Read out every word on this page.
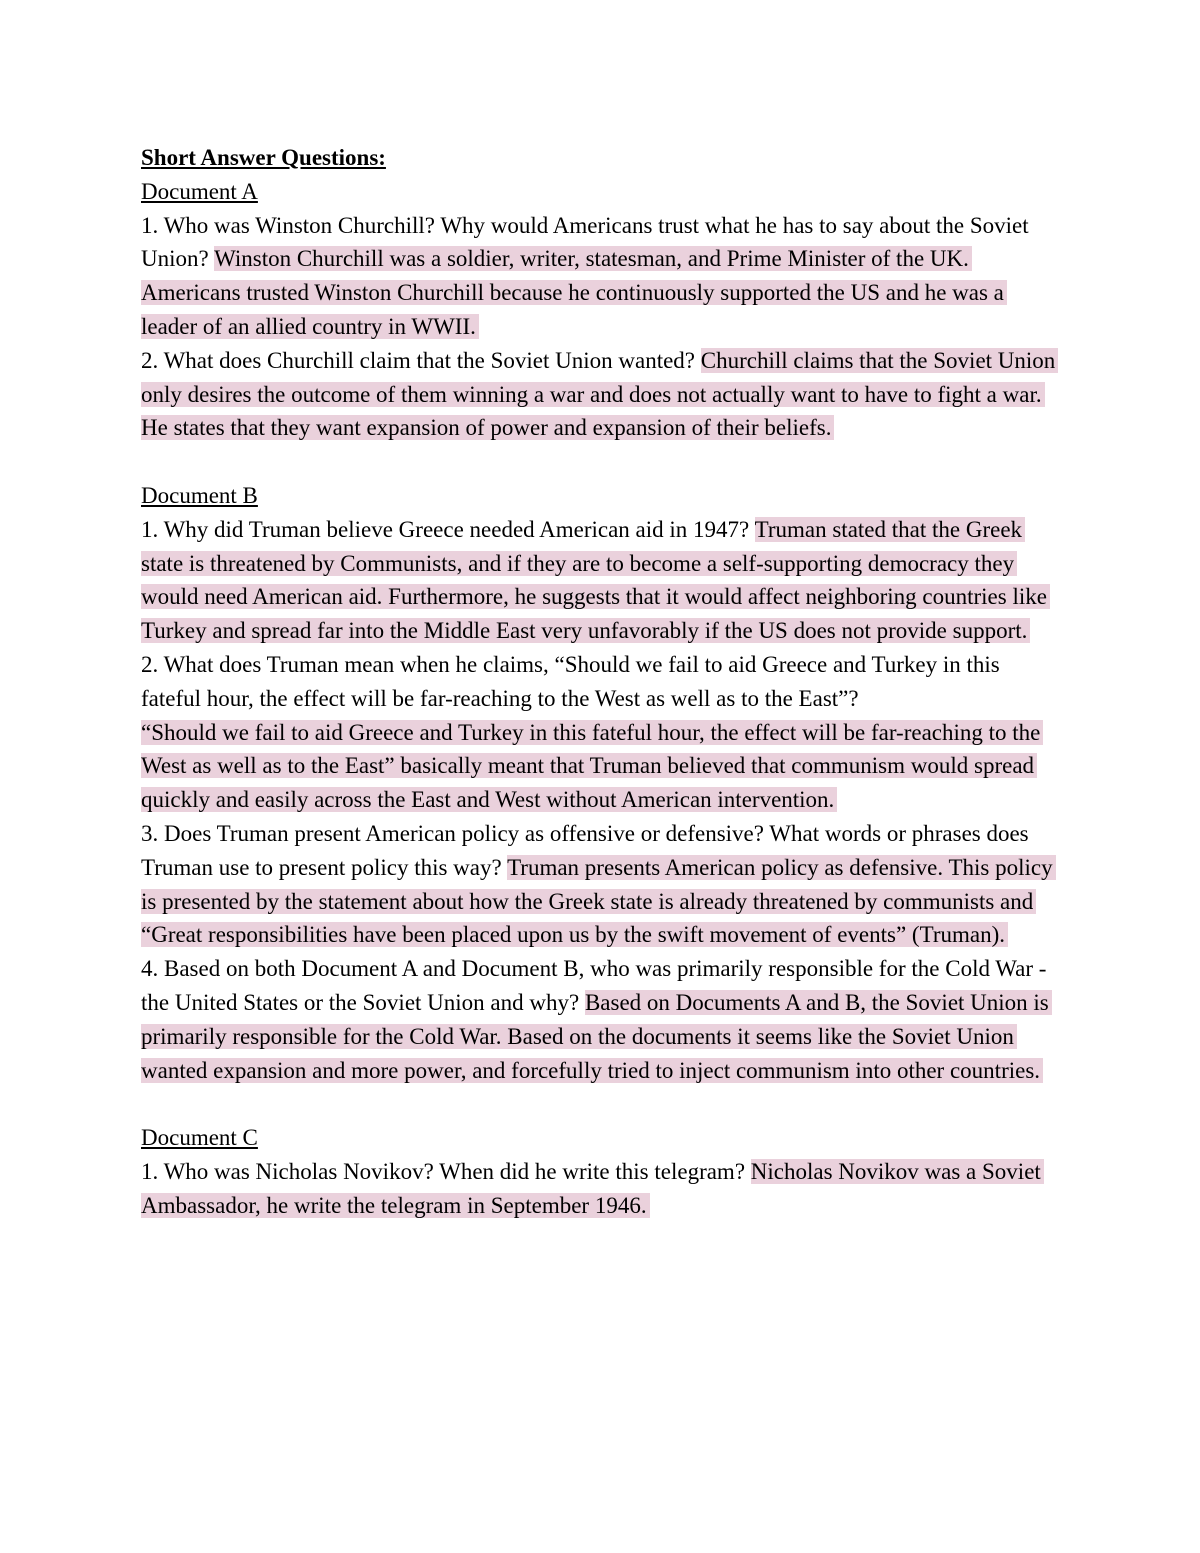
Short Answer Questions:

Document A

1. Who was Winston Churchill? Why would Americans trust what he has to say about the Soviet Union? Winston Churchill was a soldier, writer, statesman, and Prime Minister of the UK. Americans trusted Winston Churchill because he continuously supported the US and he was a leader of an allied country in WWII.

2. What does Churchill claim that the Soviet Union wanted? Churchill claims that the Soviet Union only desires the outcome of them winning a war and does not actually want to have to fight a war. He states that they want expansion of power and expansion of their beliefs.

Document B

1. Why did Truman believe Greece needed American aid in 1947? Truman stated that the Greek state is threatened by Communists, and if they are to become a self-supporting democracy they would need American aid. Furthermore, he suggests that it would affect neighboring countries like Turkey and spread far into the Middle East very unfavorably if the US does not provide support.

2. What does Truman mean when he claims, “Should we fail to aid Greece and Turkey in this fateful hour, the effect will be far-reaching to the West as well as to the East”?
“Should we fail to aid Greece and Turkey in this fateful hour, the effect will be far-reaching to the West as well as to the East” basically meant that Truman believed that communism would spread quickly and easily across the East and West without American intervention.

3. Does Truman present American policy as offensive or defensive? What words or phrases does Truman use to present policy this way? Truman presents American policy as defensive. This policy is presented by the statement about how the Greek state is already threatened by communists and “Great responsibilities have been placed upon us by the swift movement of events” (Truman).

4. Based on both Document A and Document B, who was primarily responsible for the Cold War - the United States or the Soviet Union and why? Based on Documents A and B, the Soviet Union is primarily responsible for the Cold War. Based on the documents it seems like the Soviet Union wanted expansion and more power, and forcefully tried to inject communism into other countries.

Document C

1. Who was Nicholas Novikov? When did he write this telegram? Nicholas Novikov was a Soviet Ambassador, he write the telegram in September 1946.
